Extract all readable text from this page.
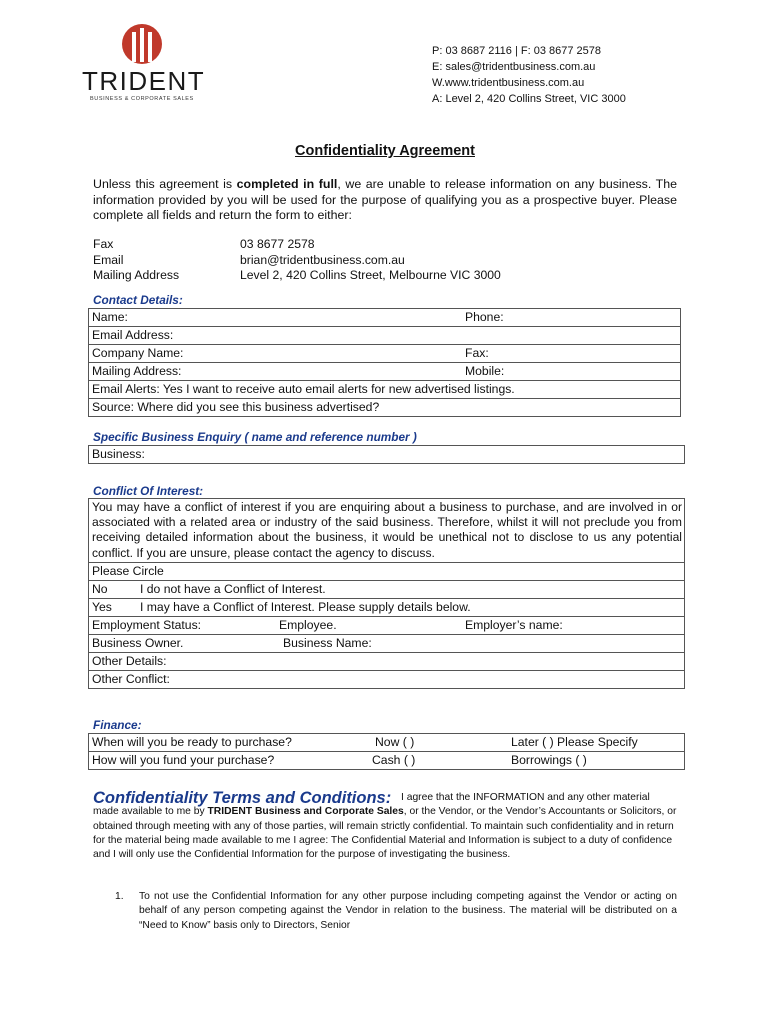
TRIDENT
BUSINESS & CORPORATE SALES
P: 03 8687 2116 | F: 03 8677 2578
E: sales@tridentbusiness.com.au
W.www.tridentbusiness.com.au
A: Level 2, 420 Collins Street, VIC 3000
Confidentiality Agreement
Unless this agreement is completed in full, we are unable to release information on any business. The information provided by you will be used for the purpose of qualifying you as a prospective buyer. Please complete all fields and return the form to either:
Fax	03 8677 2578
Email	brian@tridentbusiness.com.au
Mailing Address	Level 2, 420 Collins Street, Melbourne VIC 3000
Contact Details:
Name:	Phone:

Email Address:
Company Name:	Fax:

Mailing Address:	Mobile:

Email Alerts: Yes I want to receive auto email alerts for new advertised listings.
Source: Where did you see this business advertised?
Specific Business Enquiry ( name and reference number )
Business:
Conflict Of Interest:
You may have a conflict of interest if you are enquiring about a business to purchase, and are involved in or associated with a related area or industry of the said business. Therefore, whilst it will not preclude you from receiving detailed information about the business, it would be unethical not to disclose to us any potential conflict. If you are unsure, please contact the agency to discuss.
Please Circle
No	I do not have a Conflict of Interest.

Yes I may have a Conflict of Interest. Please supply details below.

Employment Status:	Employee.	Employer’s name:

Business Owner.	Business Name:

Other Details:
Other Conflict:
Finance:
When will you be ready to purchase?	Now ( )	Later ( ) Please Specify

How will you fund your purchase?	Cash ( )	Borrowings ( )
Confidentiality Terms and Conditions: I agree that the INFORMATION and any other material made available to me by TRIDENT Business and Corporate Sales, or the Vendor, or the Vendor’s Accountants or Solicitors, or obtained through meeting with any of those parties, will remain strictly confidential. To maintain such confidentiality and in return for the material being made available to me I agree: The Confidential Material and Information is subject to a duty of confidence and I will only use the Confidential Information for the purpose of investigating the business.
1. To not use the Confidential Information for any other purpose including competing against the Vendor or acting on behalf of any person competing against the Vendor in relation to the business. The material will be distributed on a “Need to Know” basis only to Directors, Senior
